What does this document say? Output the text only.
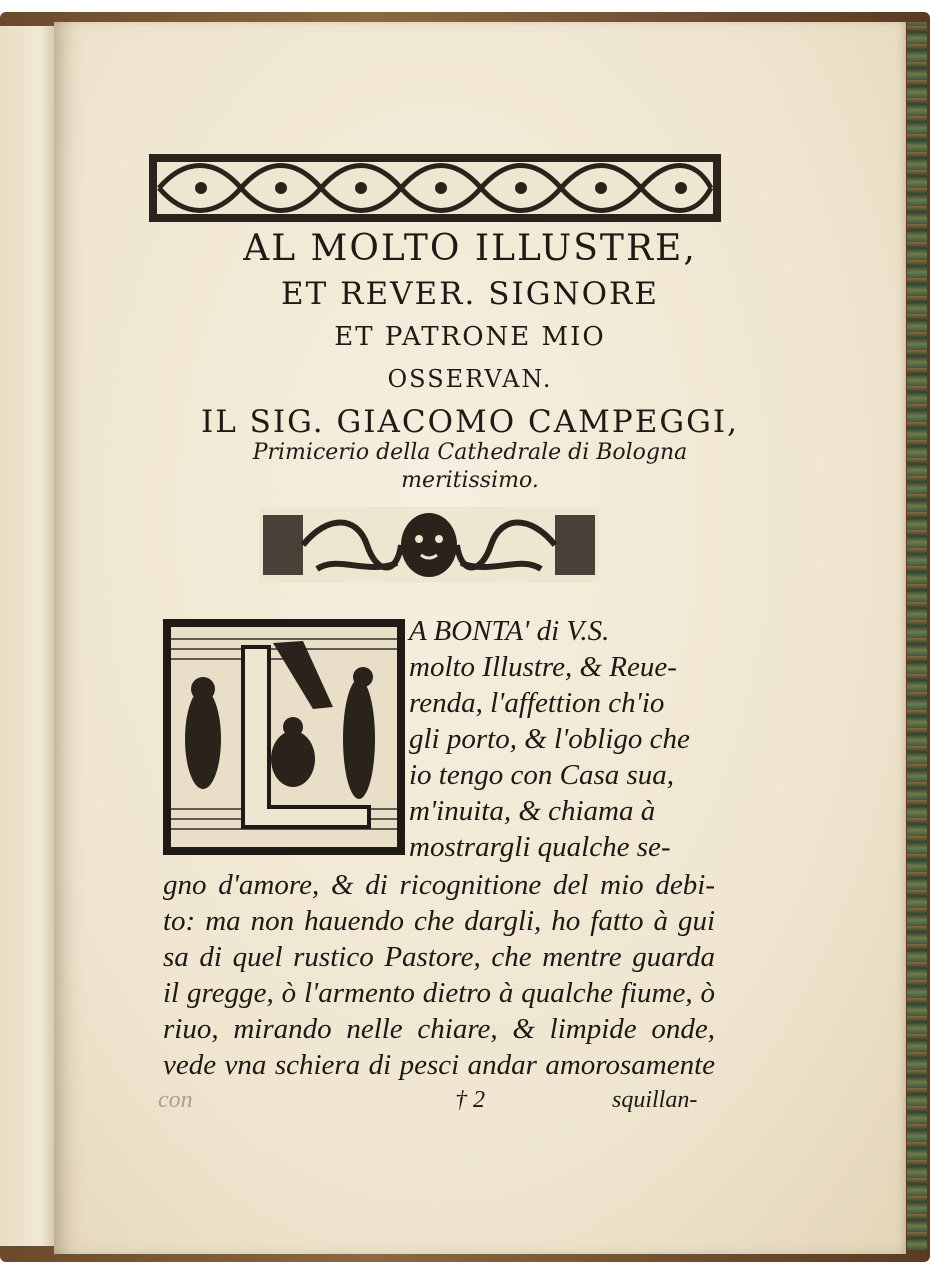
AL MOLTO ILLUSTRE,
ET REVER. SIGNORE
ET PATRONE MIO
OSSERVAN.
IL SIG. GIACOMO CAMPEGGI,
Primicerio della Cathedrale di Bologna
meritissimo.
A BONTA' di V.S.
molto Illustre, & Reue-
renda, l'affettion ch'io
gli porto, & l'obligo che
io tengo con Casa sua,
m'inuita, & chiama à
mostrargli qualche se-
gno d'amore, & di ricognitione del mio debi-
to: ma non hauendo che dargli, ho fatto à gui
sa di quel rustico Pastore, che mentre guarda
il gregge, ò l'armento dietro à qualche fiume, ò
riuo, mirando nelle chiare, & limpide onde,
vede vna schiera di pesci andar amorosamente
con	† 2	squillan-
